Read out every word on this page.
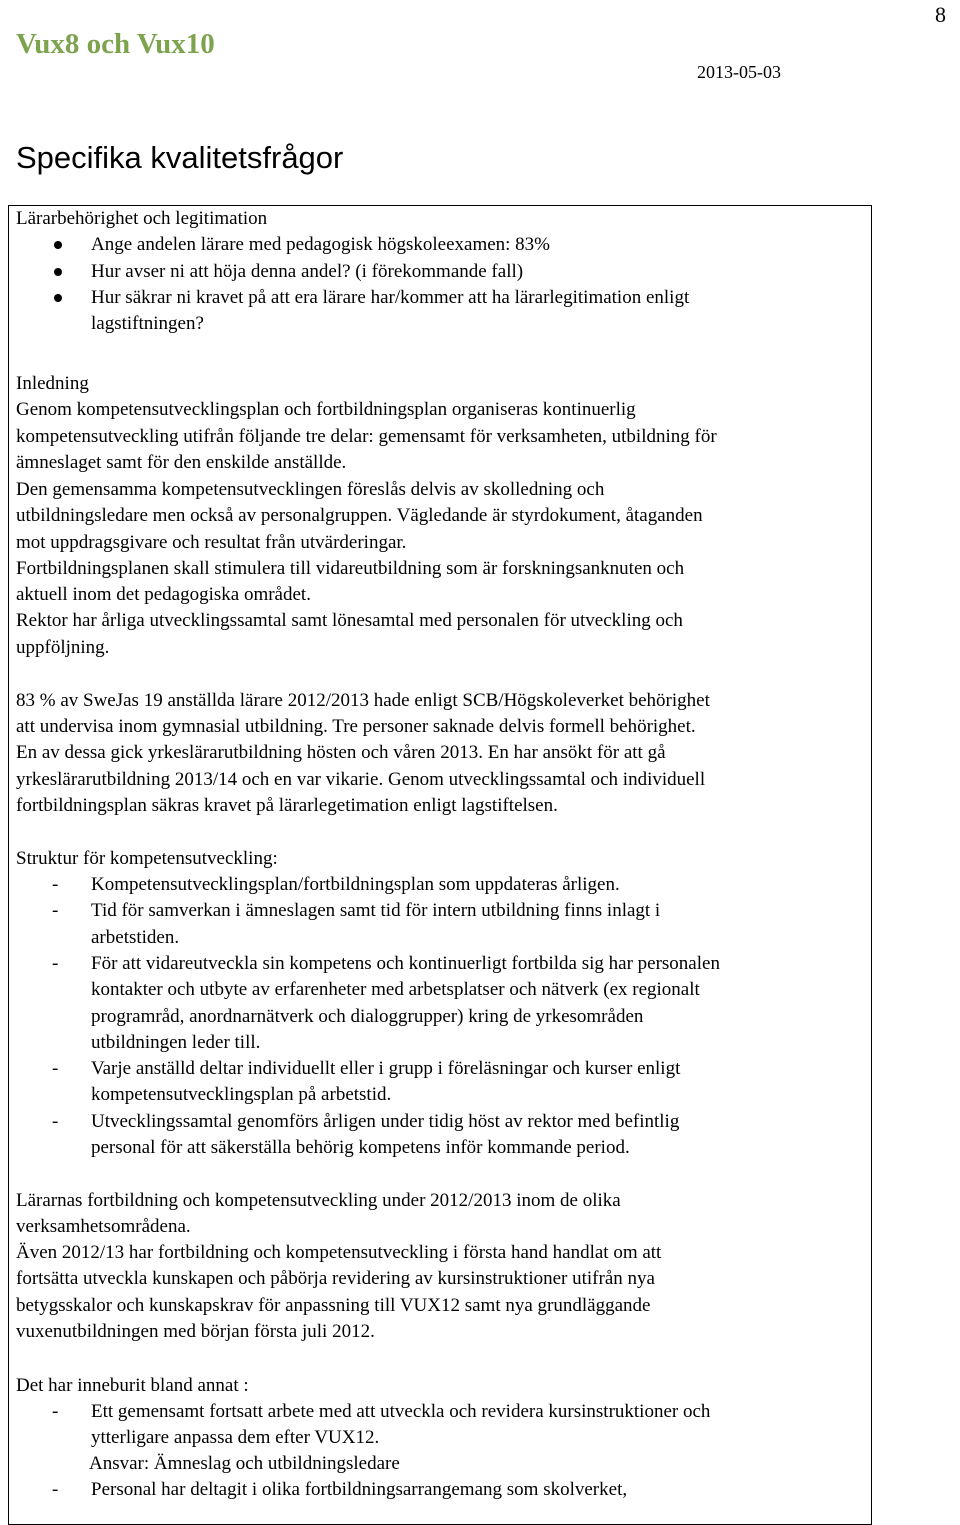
8
Vux8 och Vux10
2013-05-03
Specifika kvalitetsfrågor

Lärarbehörighet och legitimation

Ange andelen lärare med pedagogisk högskoleexamen: 83%

Hur avser ni att höja denna andel? (i förekommande fall)

Hur säkrar ni kravet på att era lärare har/kommer att ha lärarlegitimation enligt

lagstiftningen?

Inledning

Genom kompetensutvecklingsplan och fortbildningsplan organiseras kontinuerlig

kompetensutveckling utifrån följande tre delar: gemensamt för verksamheten, utbildning för

ämneslaget samt för den enskilde anställde.

Den gemensamma kompetensutvecklingen föreslås delvis av skolledning och

utbildningsledare men också av personalgruppen. Vägledande är styrdokument, åtaganden

mot uppdragsgivare och resultat från utvärderingar.

Fortbildningsplanen skall stimulera till vidareutbildning som är forskningsanknuten och

aktuell inom det pedagogiska området.

Rektor har årliga utvecklingssamtal samt lönesamtal med personalen för utveckling och

uppföljning.

83 % av SweJas 19 anställda lärare 2012/2013 hade enligt SCB/Högskoleverket behörighet

att undervisa inom gymnasial utbildning. Tre personer saknade delvis formell behörighet.

En av dessa gick yrkeslärarutbildning hösten och våren 2013. En har ansökt för att gå

yrkeslärarutbildning 2013/14 och en var vikarie. Genom utvecklingssamtal och individuell

fortbildningsplan säkras kravet på lärarlegetimation enligt lagstiftelsen.

Struktur för kompetensutveckling:

- Kompetensutvecklingsplan/fortbildningsplan som uppdateras årligen.

- Tid för samverkan i ämneslagen samt tid för intern utbildning finns inlagt i

arbetstiden.

- För att vidareutveckla sin kompetens och kontinuerligt fortbilda sig har personalen

kontakter och utbyte av erfarenheter med arbetsplatser och nätverk (ex regionalt

programråd, anordnarnätverk och dialoggrupper) kring de yrkesområden

utbildningen leder till.

- Varje anställd deltar individuellt eller i grupp i föreläsningar och kurser enligt

kompetensutvecklingsplan på arbetstid.

- Utvecklingssamtal genomförs årligen under tidig höst av rektor med befintlig

personal för att säkerställa behörig kompetens inför kommande period.

Lärarnas fortbildning och kompetensutveckling under 2012/2013 inom de olika

verksamhetsområdena.

Även 2012/13 har fortbildning och kompetensutveckling i första hand handlat om att

fortsätta utveckla kunskapen och påbörja revidering av kursinstruktioner utifrån nya

betygsskalor och kunskapskrav för anpassning till VUX12 samt nya grundläggande

vuxenutbildningen med början första juli 2012.

Det har inneburit bland annat :

- Ett gemensamt fortsatt arbete med att utveckla och revidera kursinstruktioner och

ytterligare anpassa dem efter VUX12.

Ansvar: Ämneslag och utbildningsledare

- Personal har deltagit i olika fortbildningsarrangemang som skolverket,
